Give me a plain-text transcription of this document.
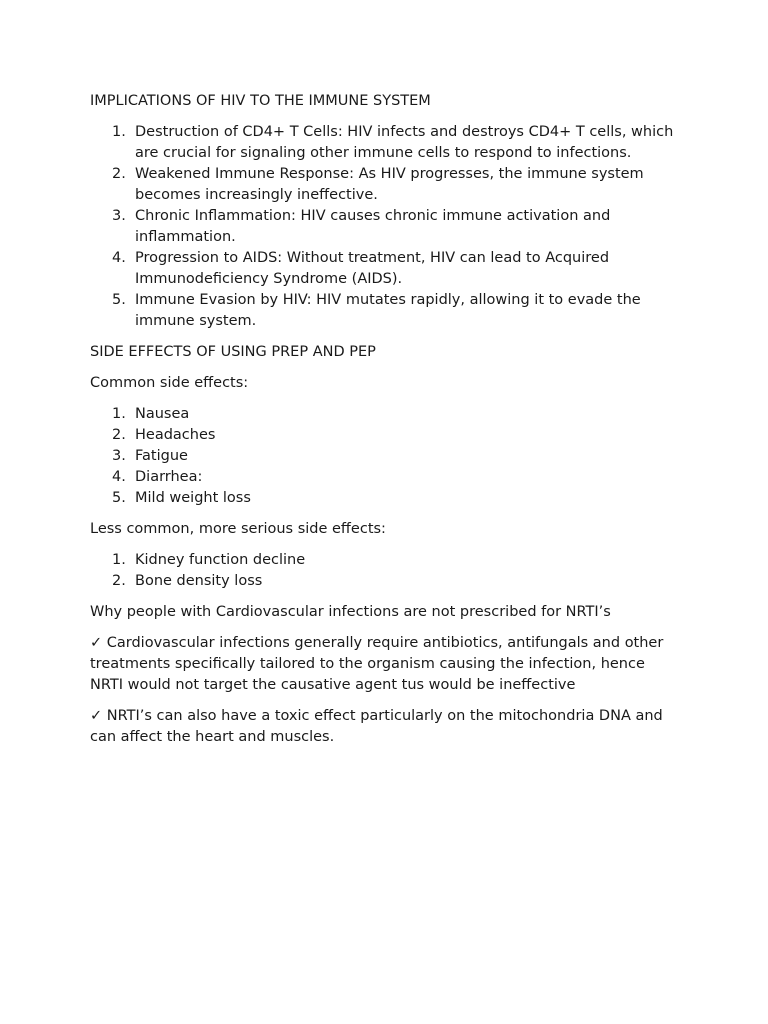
IMPLICATIONS OF HIV TO THE IMMUNE SYSTEM

1. Destruction of CD4+ T Cells: HIV infects and destroys CD4+ T cells, which are crucial for signaling other immune cells to respond to infections.
2. Weakened Immune Response: As HIV progresses, the immune system becomes increasingly ineffective.
3. Chronic Inflammation: HIV causes chronic immune activation and inflammation.
4. Progression to AIDS: Without treatment, HIV can lead to Acquired Immunodeficiency Syndrome (AIDS).
5. Immune Evasion by HIV: HIV mutates rapidly, allowing it to evade the immune system.

SIDE EFFECTS OF USING PREP AND PEP

Common side effects:

1. Nausea
2. Headaches
3. Fatigue
4. Diarrhea:
5. Mild weight loss

Less common, more serious side effects:

1. Kidney function decline
2. Bone density loss

Why people with Cardiovascular infections are not prescribed for NRTI’s

✓ Cardiovascular infections generally require antibiotics, antifungals and other treatments specifically tailored to the organism causing the infection, hence NRTI would not target the causative agent tus would be ineffective

✓ NRTI’s can also have a toxic effect particularly on the mitochondria DNA and can affect the heart and muscles.
